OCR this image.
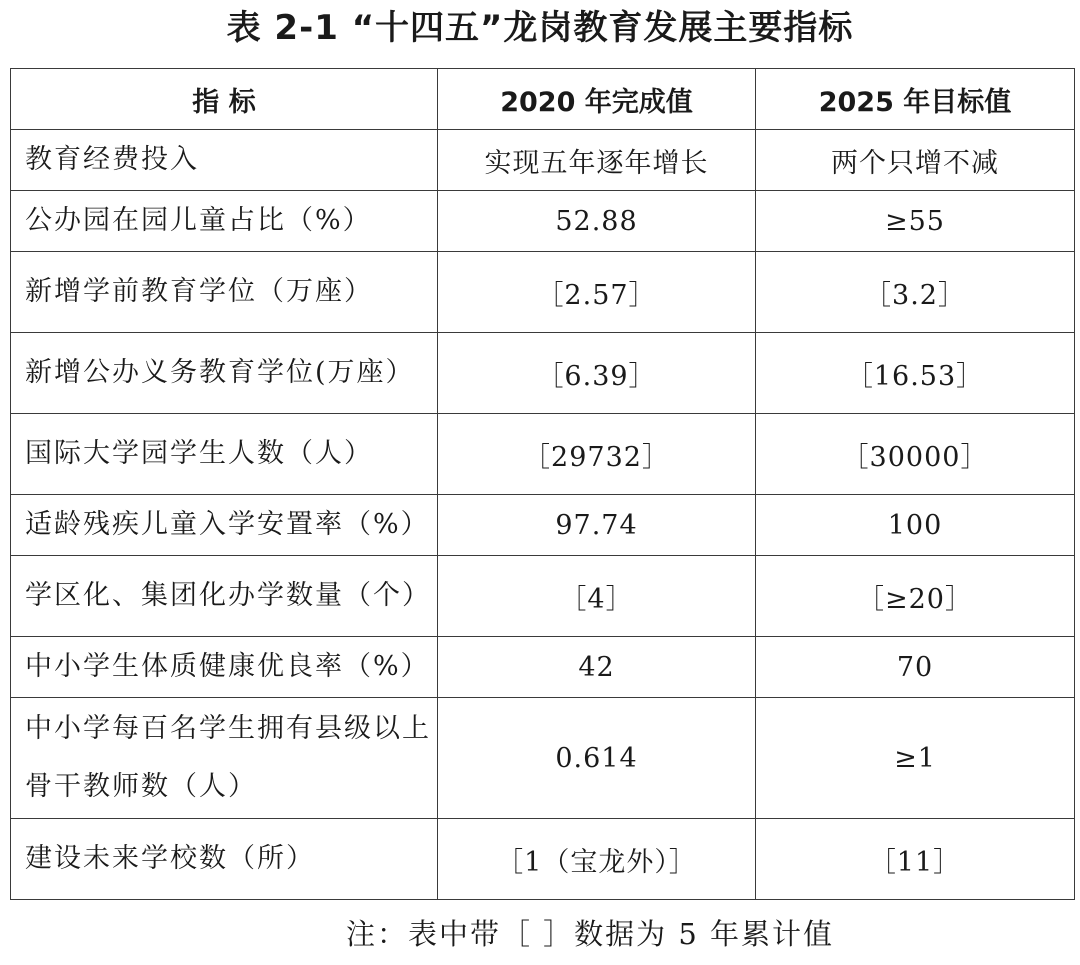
表 2-1 “十四五”龙岗教育发展主要指标
指 标	2020 年完成值	2025 年目标值
教育经费投入	实现五年逐年增长	两个只增不减
公办园在园儿童占比（%）	52.88	≥55
新增学前教育学位（万座）	［2.57］	［3.2］
新增公办义务教育学位(万座）	［6.39］	［16.53］
国际大学园学生人数（人）	［29732］	［30000］
适龄残疾儿童入学安置率（%）	97.74	100
学区化、集团化办学数量（个）	［4］	［≥20］
中小学生体质健康优良率（%）	42	70
中小学每百名学生拥有县级以上骨干教师数（人）	0.614	≥1
建设未来学校数（所）	［1（宝龙外）］	［11］
注：表中带［ ］数据为 5 年累计值
